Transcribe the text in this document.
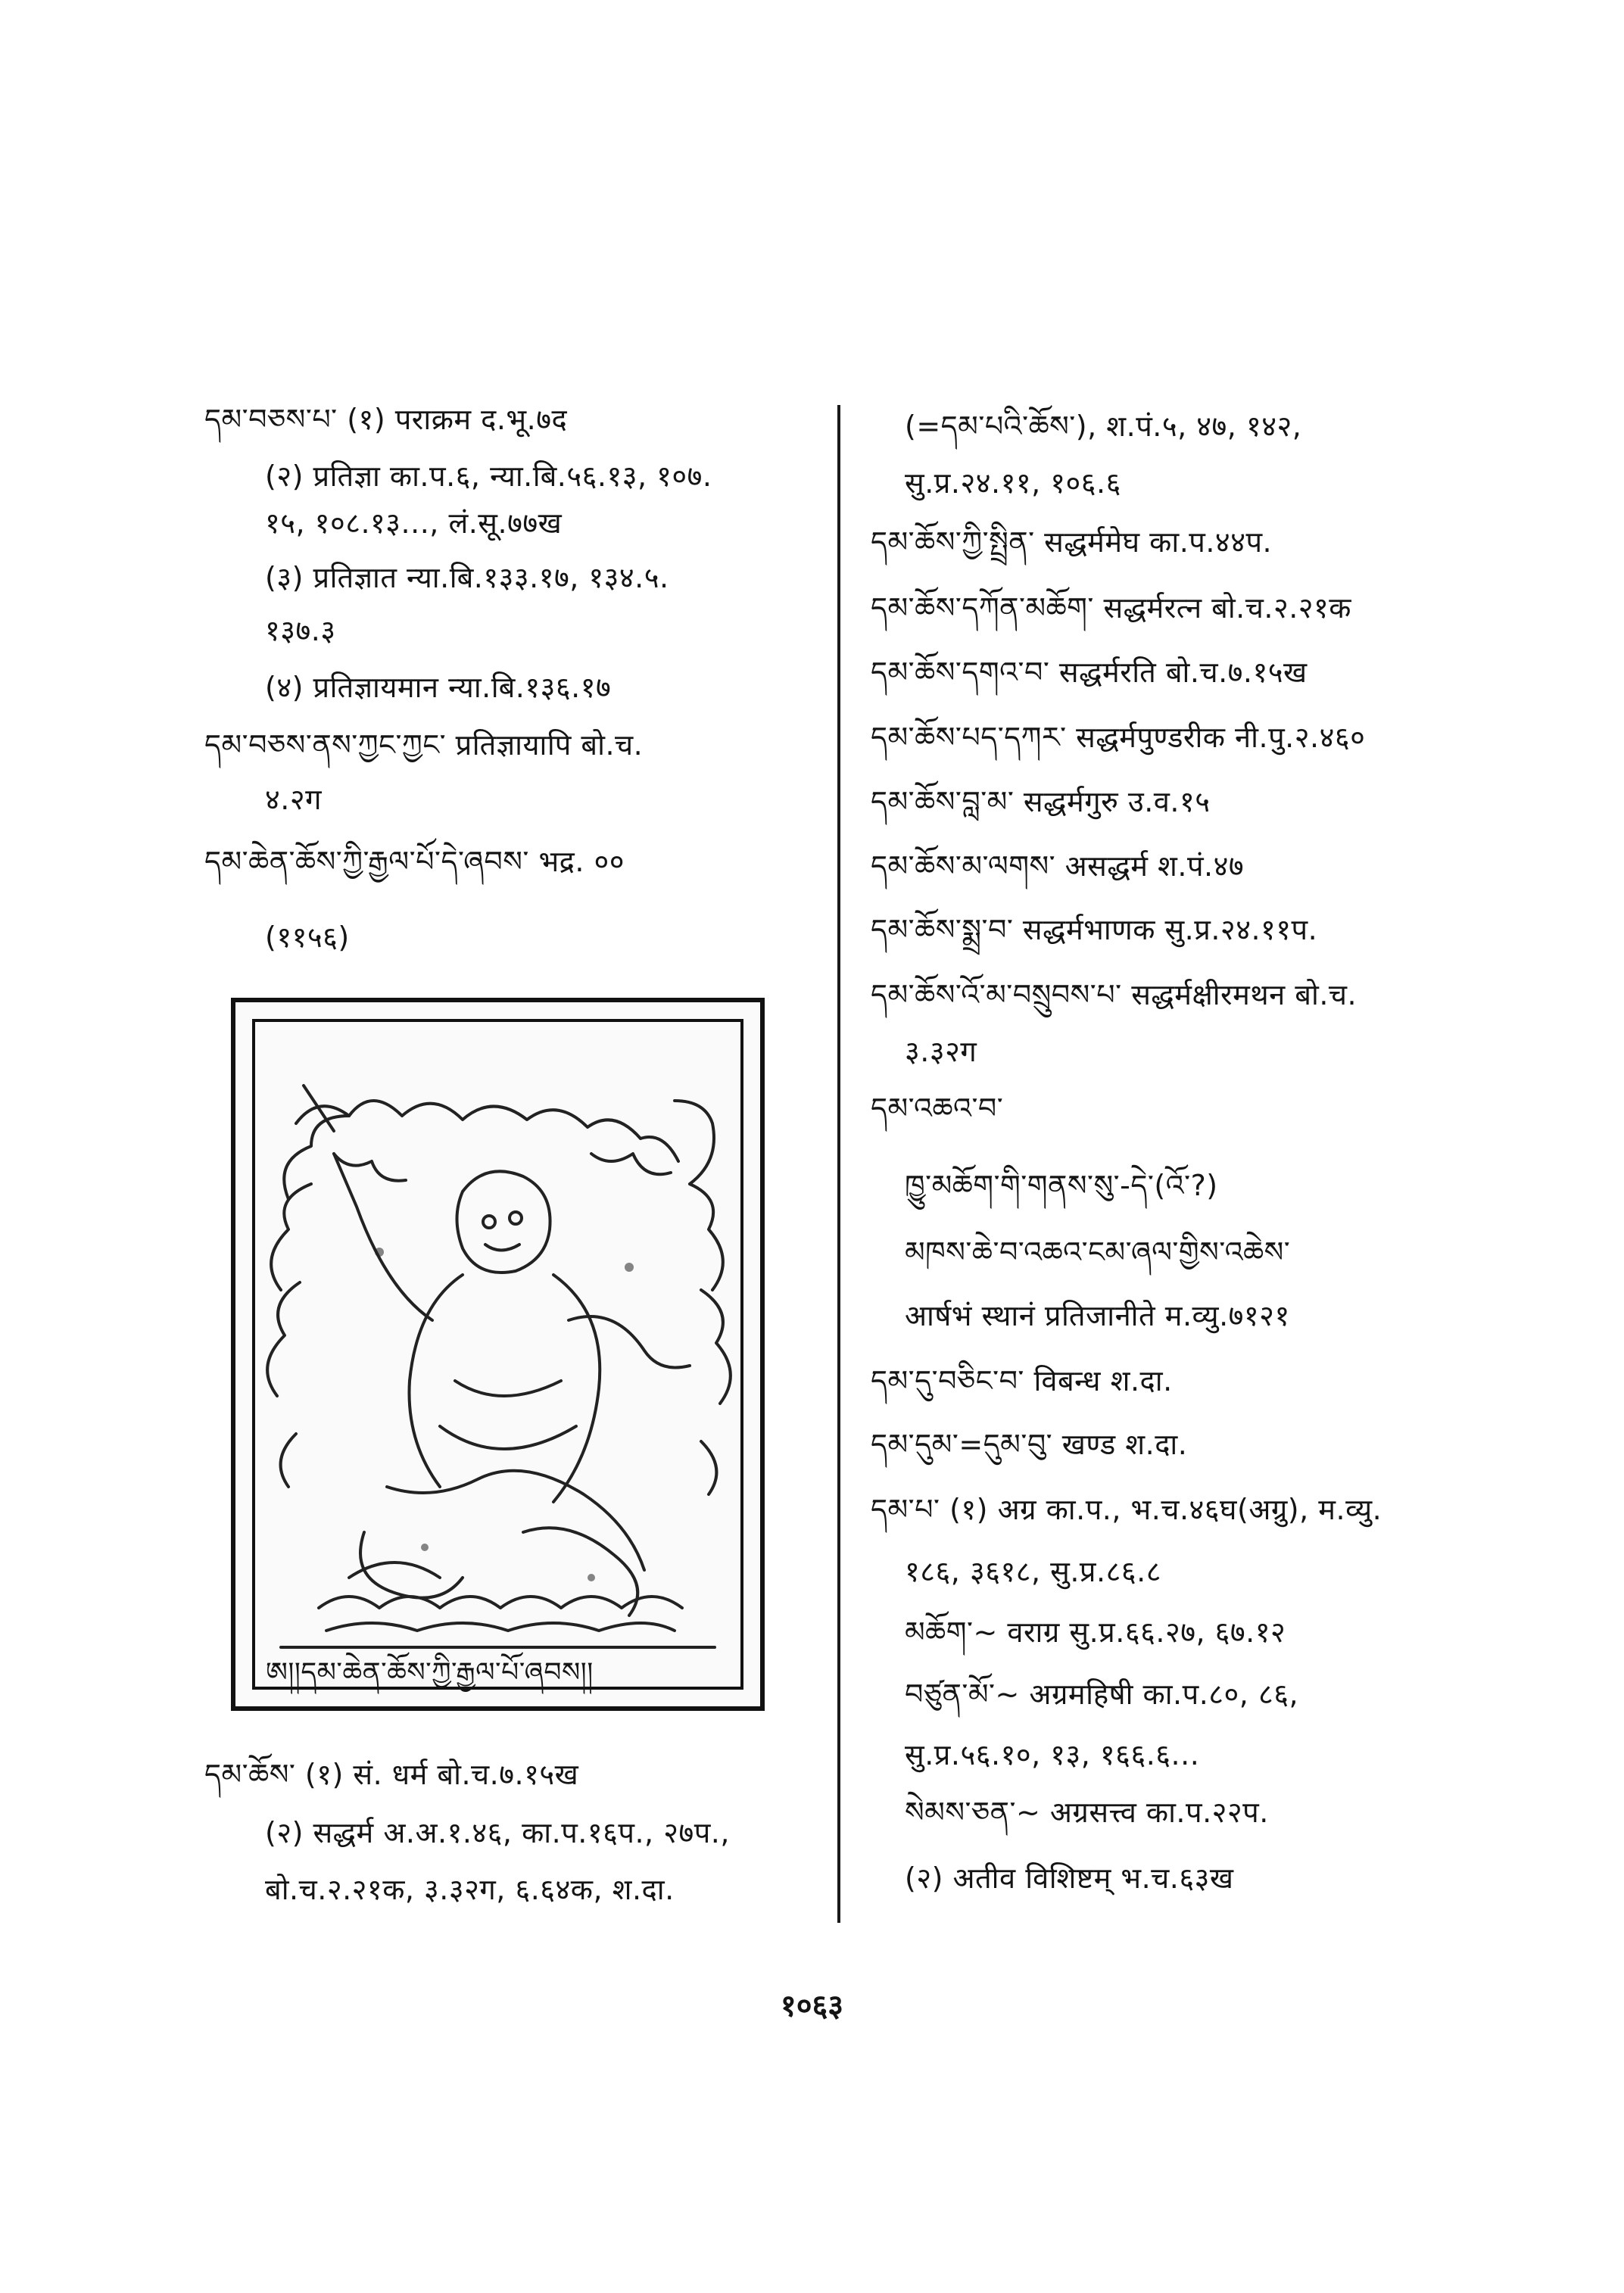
དམ་བཅས་པ་ (१) पराक्रम द.भू.७द
(२) प्रतिज्ञा का.प.६, न्या.बि.५६.१३, १०७.
१५, १०८.१३..., लं.सू.७७ख
(३) प्रतिज्ञात न्या.बि.१३३.१७, १३४.५.
१३७.३
(४) प्रतिज्ञायमान न्या.बि.१३६.१७
དམ་བཅས་ནས་ཀྱང་ཀྱང་ प्रतिज्ञायापि बो.च.
४.२ग
དམ་ཆེན་ཆོས་ཀྱི་རྒྱལ་པོ་དེ་ཞབས་ भद्र. ००
(११५६)
དམ་ཆོས་ (१) सं. धर्म बो.च.७.१५ख
(२) सद्धर्म अ.अ.१.४६, का.प.१६प., २७प.,
बो.च.२.२१क, ३.३२ग, ६.६४क, श.दा.
ཨ།།དམ་ཆེན་ཆོས་ཀྱི་རྒྱལ་པོ་ཞབས།།
(=དམ་པའི་ཆོས་), श.पं.५, ४७, १४२,
सु.प्र.२४.११, १०६.६
དམ་ཆོས་ཀྱི་སྤྲིན་ सद्धर्ममेघ का.प.४४प.
དམ་ཆོས་དཀོན་མཆོག་ सद्धर्मरत्न बो.च.२.२१क
དམ་ཆོས་དགའ་བ་ सद्धर्मरति बो.च.७.१५ख
དམ་ཆོས་པད་དཀར་ सद्धर्मपुण्डरीक नी.पु.२.४६०
དམ་ཆོས་བླ་མ་ सद्धर्मगुरु उ.व.१५
དམ་ཆོས་མ་ལགས་ असद्धर्म श.पं.४७
དམ་ཆོས་སྨྲ་བ་ सद्धर्मभाणक सु.प्र.२४.११प.
དམ་ཆོས་འོ་མ་བསྲུབས་པ་ सद्धर्मक्षीरमथन बो.च.
३.३२ग
དམ་འཆའ་བ་
ཁྱུ་མཆོག་གི་གནས་སུ་-དེ་(འོ་?)
མཁས་ཆེ་བ་འཆའ་ངམ་ཞལ་གྱིས་འཆེས་
आर्षभं स्थानं प्रतिजानीते म.व्यु.७१२१
དམ་དུ་བཅིང་བ་ विबन्ध श.दा.
དམ་དུམ་=དུམ་བུ་ खण्ड श.दा.
དམ་པ་ (१) अग्र का.प., भ.च.४६घ(अग्रु), म.व्यु.
१८६, ३६१८, सु.प्र.८६.८
མཆོག་~ वराग्र सु.प्र.६६.२७, ६७.१२
བཙུན་མོ་~ अग्रमहिषी का.प.८०, ८६,
सु.प्र.५६.१०, १३, १६६.६...
སེམས་ཅན་~ अग्रसत्त्व का.प.२२प.
(२) अतीव विशिष्टम् भ.च.६३ख
१०६३
